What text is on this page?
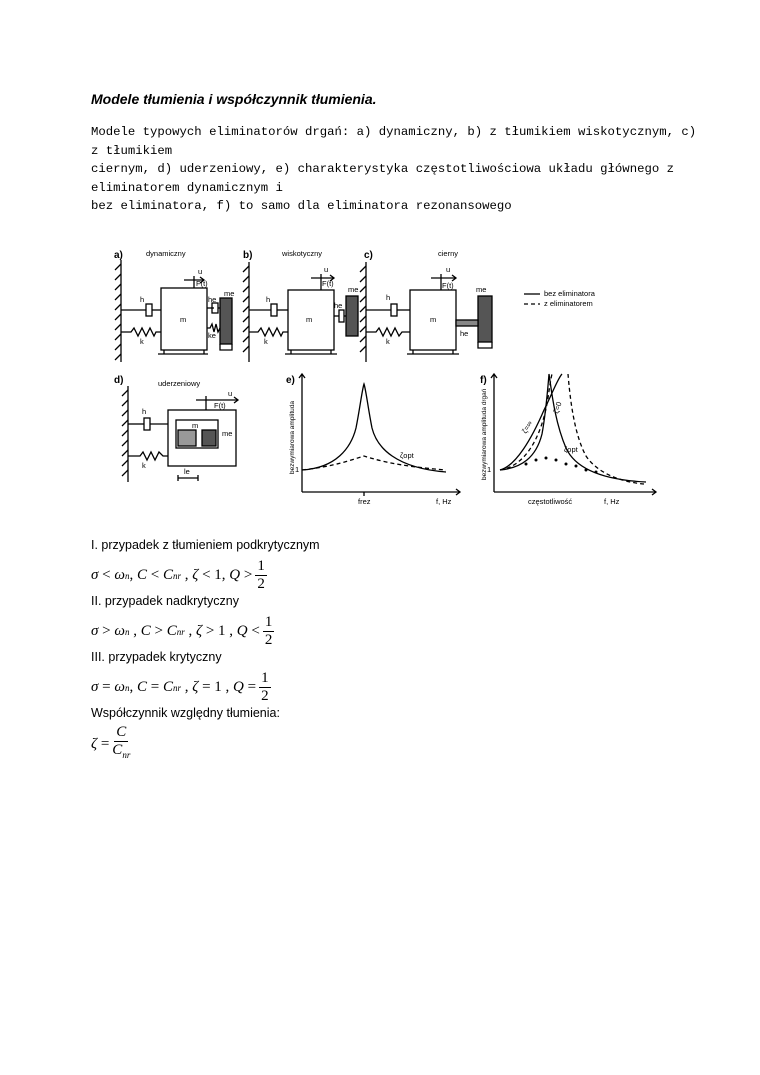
Modele tłumienia i współczynnik tłumienia.
Modele typowych eliminatorów drgań: a) dynamiczny, b) z tłumikiem wiskotycznym, c)
z tłumikiem
ciernym, d) uderzeniowy, e) charakterystyka częstotliwościowa układu głównego z
eliminatorem dynamicznym i
bez eliminatora, f) to samo dla eliminatora rezonansowego
a)	b)	c)
d)	e)	f)
dynamiczny	wiskotyczny	cierny
uderzeniowy
bez eliminatora
z eliminatorem
u
F(t)
m
me
h
k
he
ke
u
F(t)
m
me
h
k
he
u
F(t)
m
me
h
k
he
u
F(t)
m
me
h
k
le	bezwymiarowa amplituda 1
frez	f, Hz
ζopt	bezwymiarowa amplituda drgań 1
częstotliwość	f, Hz
ζopt
ζ=0
ζ=∞
I. przypadek z tłumieniem podkrytycznym
σ
<
ω n ,
C
<
C nr
,
ζ
<
1 ,
Q
> $\frac{1}{2}$
II. przypadek nadkrytyczny
σ
>
ω n
,
C
>
C nr
,
ζ
>
1
,
Q
< $\frac{1}{2}$
III. przypadek krytyczny
σ
=
ω n ,
C
=
C nr
,
ζ
=
1
,
Q
= $\frac{1}{2}$
Współczynnik względny tłumienia:
ζ
= $\frac{C}{C_{nr}}$
